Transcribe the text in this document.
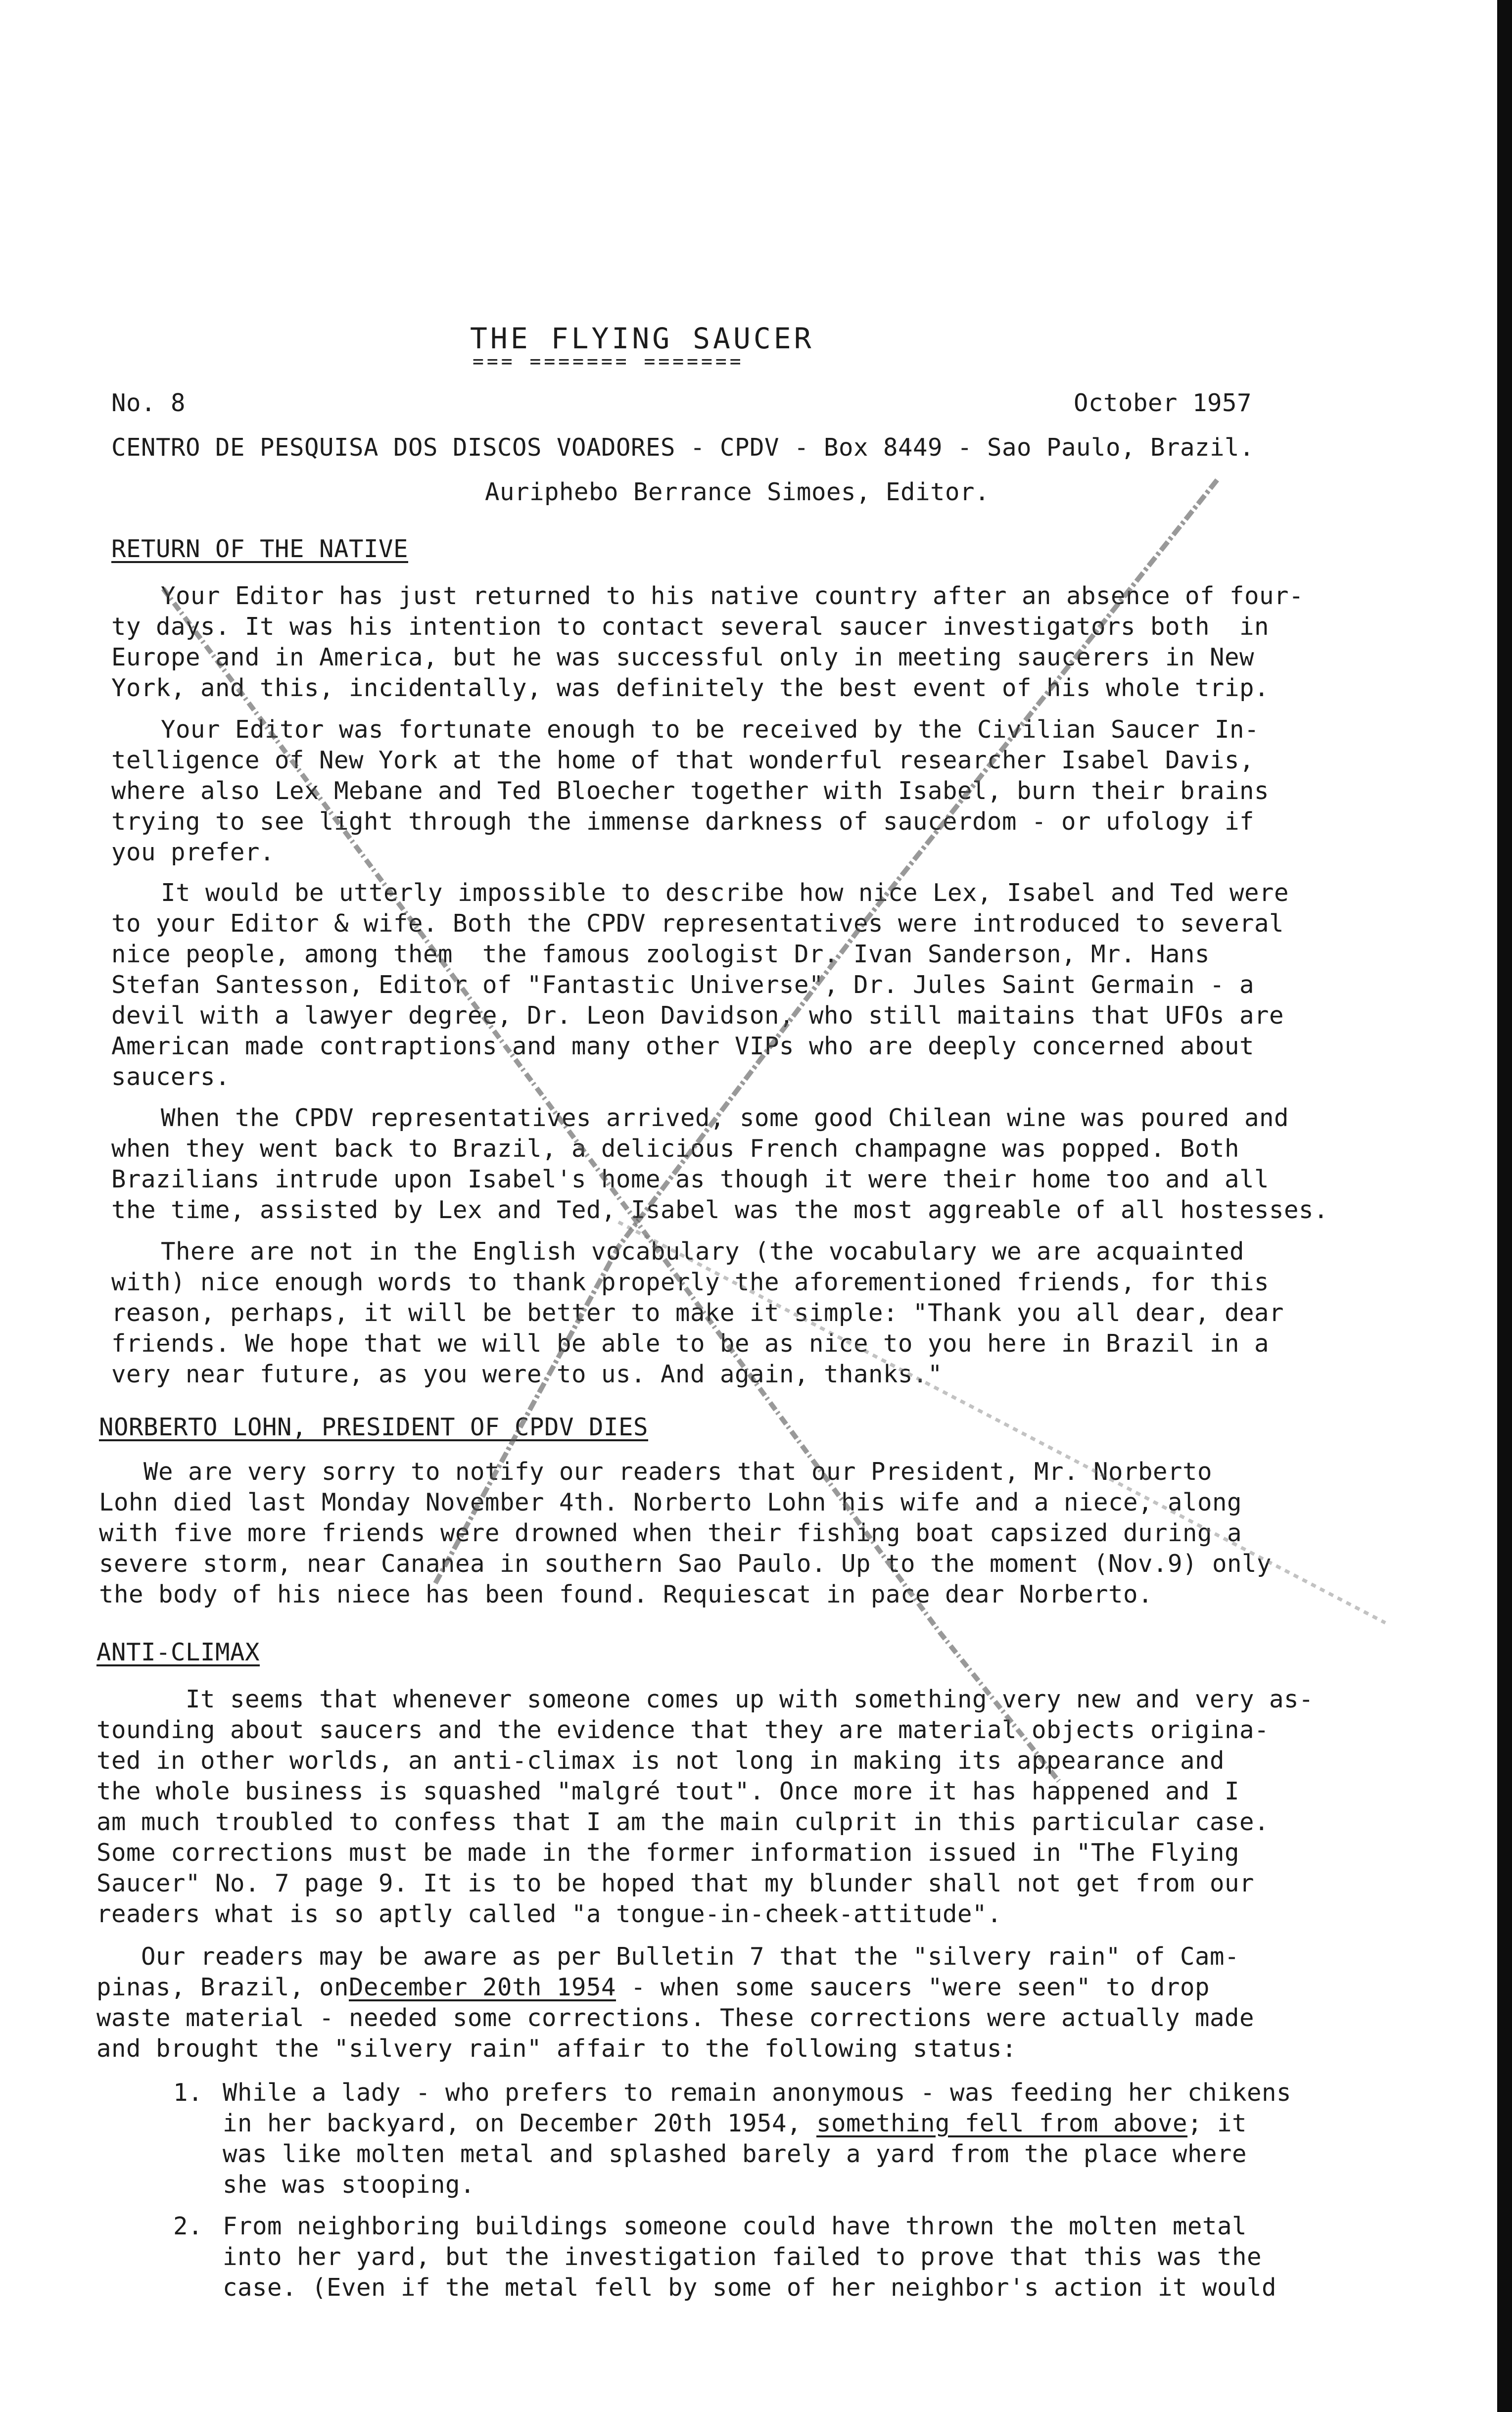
THE FLYING SAUCER
=== ======= =======
No. 8	October 1957
CENTRO DE PESQUISA DOS DISCOS VOADORES - CPDV - Box 8449 - Sao Paulo, Brazil.
Auriphebo Berrance Simoes, Editor.
RETURN OF THE NATIVE
Your Editor has just returned to his native country after an absence of four-
ty days. It was his intention to contact several saucer investigators both  in
Europe and in America, but he was successful only in meeting saucerers in New
York, and this, incidentally, was definitely the best event of his whole trip.
Your Editor was fortunate enough to be received by the Civilian Saucer In-
telligence of New York at the home of that wonderful researcher Isabel Davis,
where also Lex Mebane and Ted Bloecher together with Isabel, burn their brains
trying to see light through the immense darkness of saucerdom - or ufology if
you prefer.
It would be utterly impossible to describe how nice Lex, Isabel and Ted were
to your Editor & wife. Both the CPDV representatives were introduced to several
nice people, among them  the famous zoologist Dr. Ivan Sanderson, Mr. Hans
Stefan Santesson, Editor of "Fantastic Universe", Dr. Jules Saint Germain - a
devil with a lawyer degree, Dr. Leon Davidson, who still maitains that UFOs are
American made contraptions and many other VIPs who are deeply concerned about
saucers.
When the CPDV representatives arrived, some good Chilean wine was poured and
when they went back to Brazil, a delicious French champagne was popped. Both
Brazilians intrude upon Isabel's home as though it were their home too and all
the time, assisted by Lex and Ted, Isabel was the most aggreable of all hostesses.
There are not in the English vocabulary (the vocabulary we are acquainted
with) nice enough words to thank properly the aforementioned friends, for this
reason, perhaps, it will be better to make it simple: "Thank you all dear, dear
friends. We hope that we will be able to be as nice to you here in Brazil in a
very near future, as you were to us. And again, thanks."
NORBERTO LOHN, PRESIDENT OF CPDV DIES
We are very sorry to notify our readers that our President, Mr. Norberto
Lohn died last Monday November 4th. Norberto Lohn his wife and a niece, along
with five more friends were drowned when their fishing boat capsized during a
severe storm, near Cananea in southern Sao Paulo. Up to the moment (Nov.9) only
the body of his niece has been found. Requiescat in pace dear Norberto.
ANTI-CLIMAX
It seems that whenever someone comes up with something very new and very as-
tounding about saucers and the evidence that they are material objects origina-
ted in other worlds, an anti-climax is not long in making its appearance and
the whole business is squashed "malgré tout". Once more it has happened and I
am much troubled to confess that I am the main culprit in this particular case.
Some corrections must be made in the former information issued in "The Flying
Saucer" No. 7 page 9. It is to be hoped that my blunder shall not get from our
readers what is so aptly called "a tongue-in-cheek-attitude".
Our readers may be aware as per Bulletin 7 that the "silvery rain" of Cam-
pinas, Brazil, onDecember 20th 1954 - when some saucers "were seen" to drop
waste material - needed some corrections. These corrections were actually made
and brought the "silvery rain" affair to the following status:
1. While a lady - who prefers to remain anonymous - was feeding her chikens
in her backyard, on December 20th 1954, something fell from above; it
was like molten metal and splashed barely a yard from the place where
she was stooping.
2. From neighboring buildings someone could have thrown the molten metal
into her yard, but the investigation failed to prove that this was the
case. (Even if the metal fell by some of her neighbor's action it would
